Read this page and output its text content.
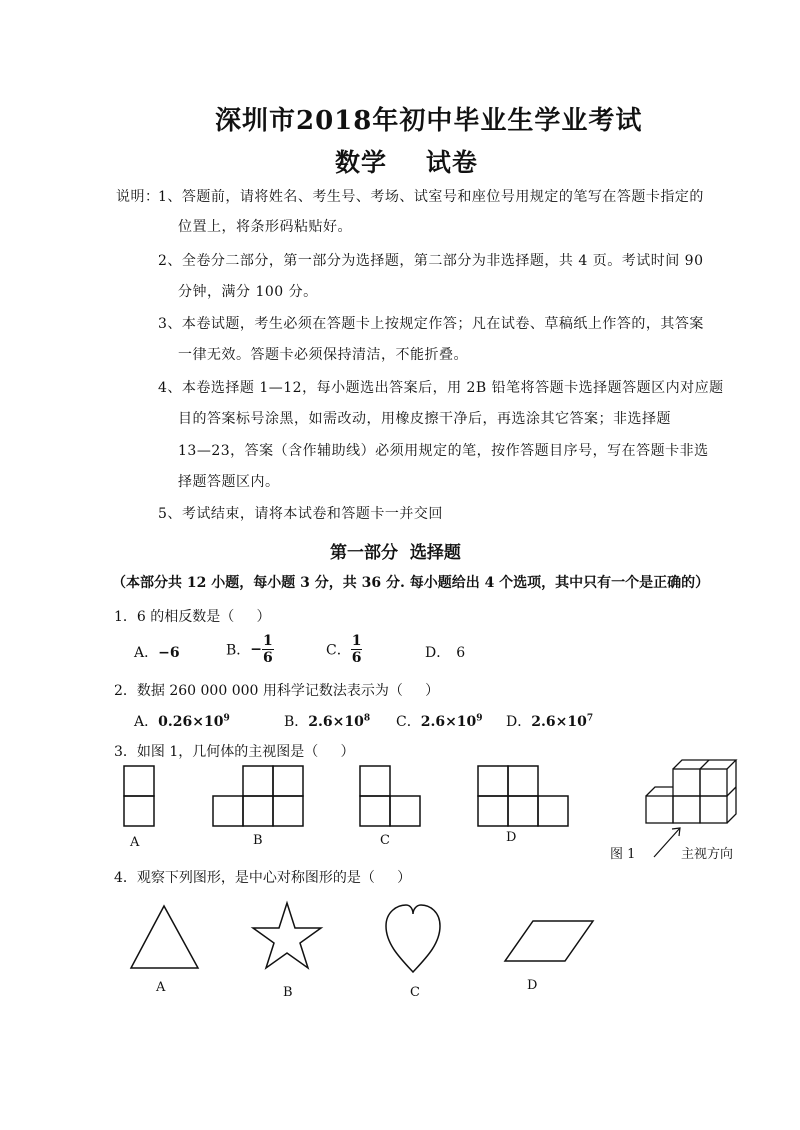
深圳市2018年初中毕业生学业考试
数学    试卷
说明：
1、答题前，请将姓名、考生号、考场、试室号和座位号用规定的笔写在答题卡指定的
位置上，将条形码粘贴好。
2、全卷分二部分，第一部分为选择题，第二部分为非选择题，共 4 页。考试时间 90
分钟，满分 100 分。
3、本卷试题，考生必须在答题卡上按规定作答；凡在试卷、草稿纸上作答的，其答案
一律无效。答题卡必须保持清洁，不能折叠。
4、本卷选择题 1—12，每小题选出答案后，用 2B 铅笔将答题卡选择题答题区内对应题
目的答案标号涂黑，如需改动，用橡皮擦干净后，再选涂其它答案；非选择题
13—23，答案（含作辅助线）必须用规定的笔，按作答题目序号，写在答题卡非选
择题答题区内。
5、考试结束，请将本试卷和答题卡一并交回
第一部分  选择题
（本部分共 12 小题，每小题 3 分，共 36 分. 每小题给出 4 个选项，其中只有一个是正确的）
1．6 的相反数是（     ）
A．−6	B．− $\frac{1}{6}$	C． $\frac{1}{6}$	D． 6
2．数据 260 000 000 用科学记数法表示为（     ）
A．$0.26\times 10^9$	B．$2.6\times 10^8$ C．$2.6\times 10^9$ D．$2.6\times 10^7$
3．如图 1，几何体的主视图是（     ）
A	B	C	D
图 1	主视方向
4．观察下列图形，是中心对称图形的是（     ）
A	B	C	D
